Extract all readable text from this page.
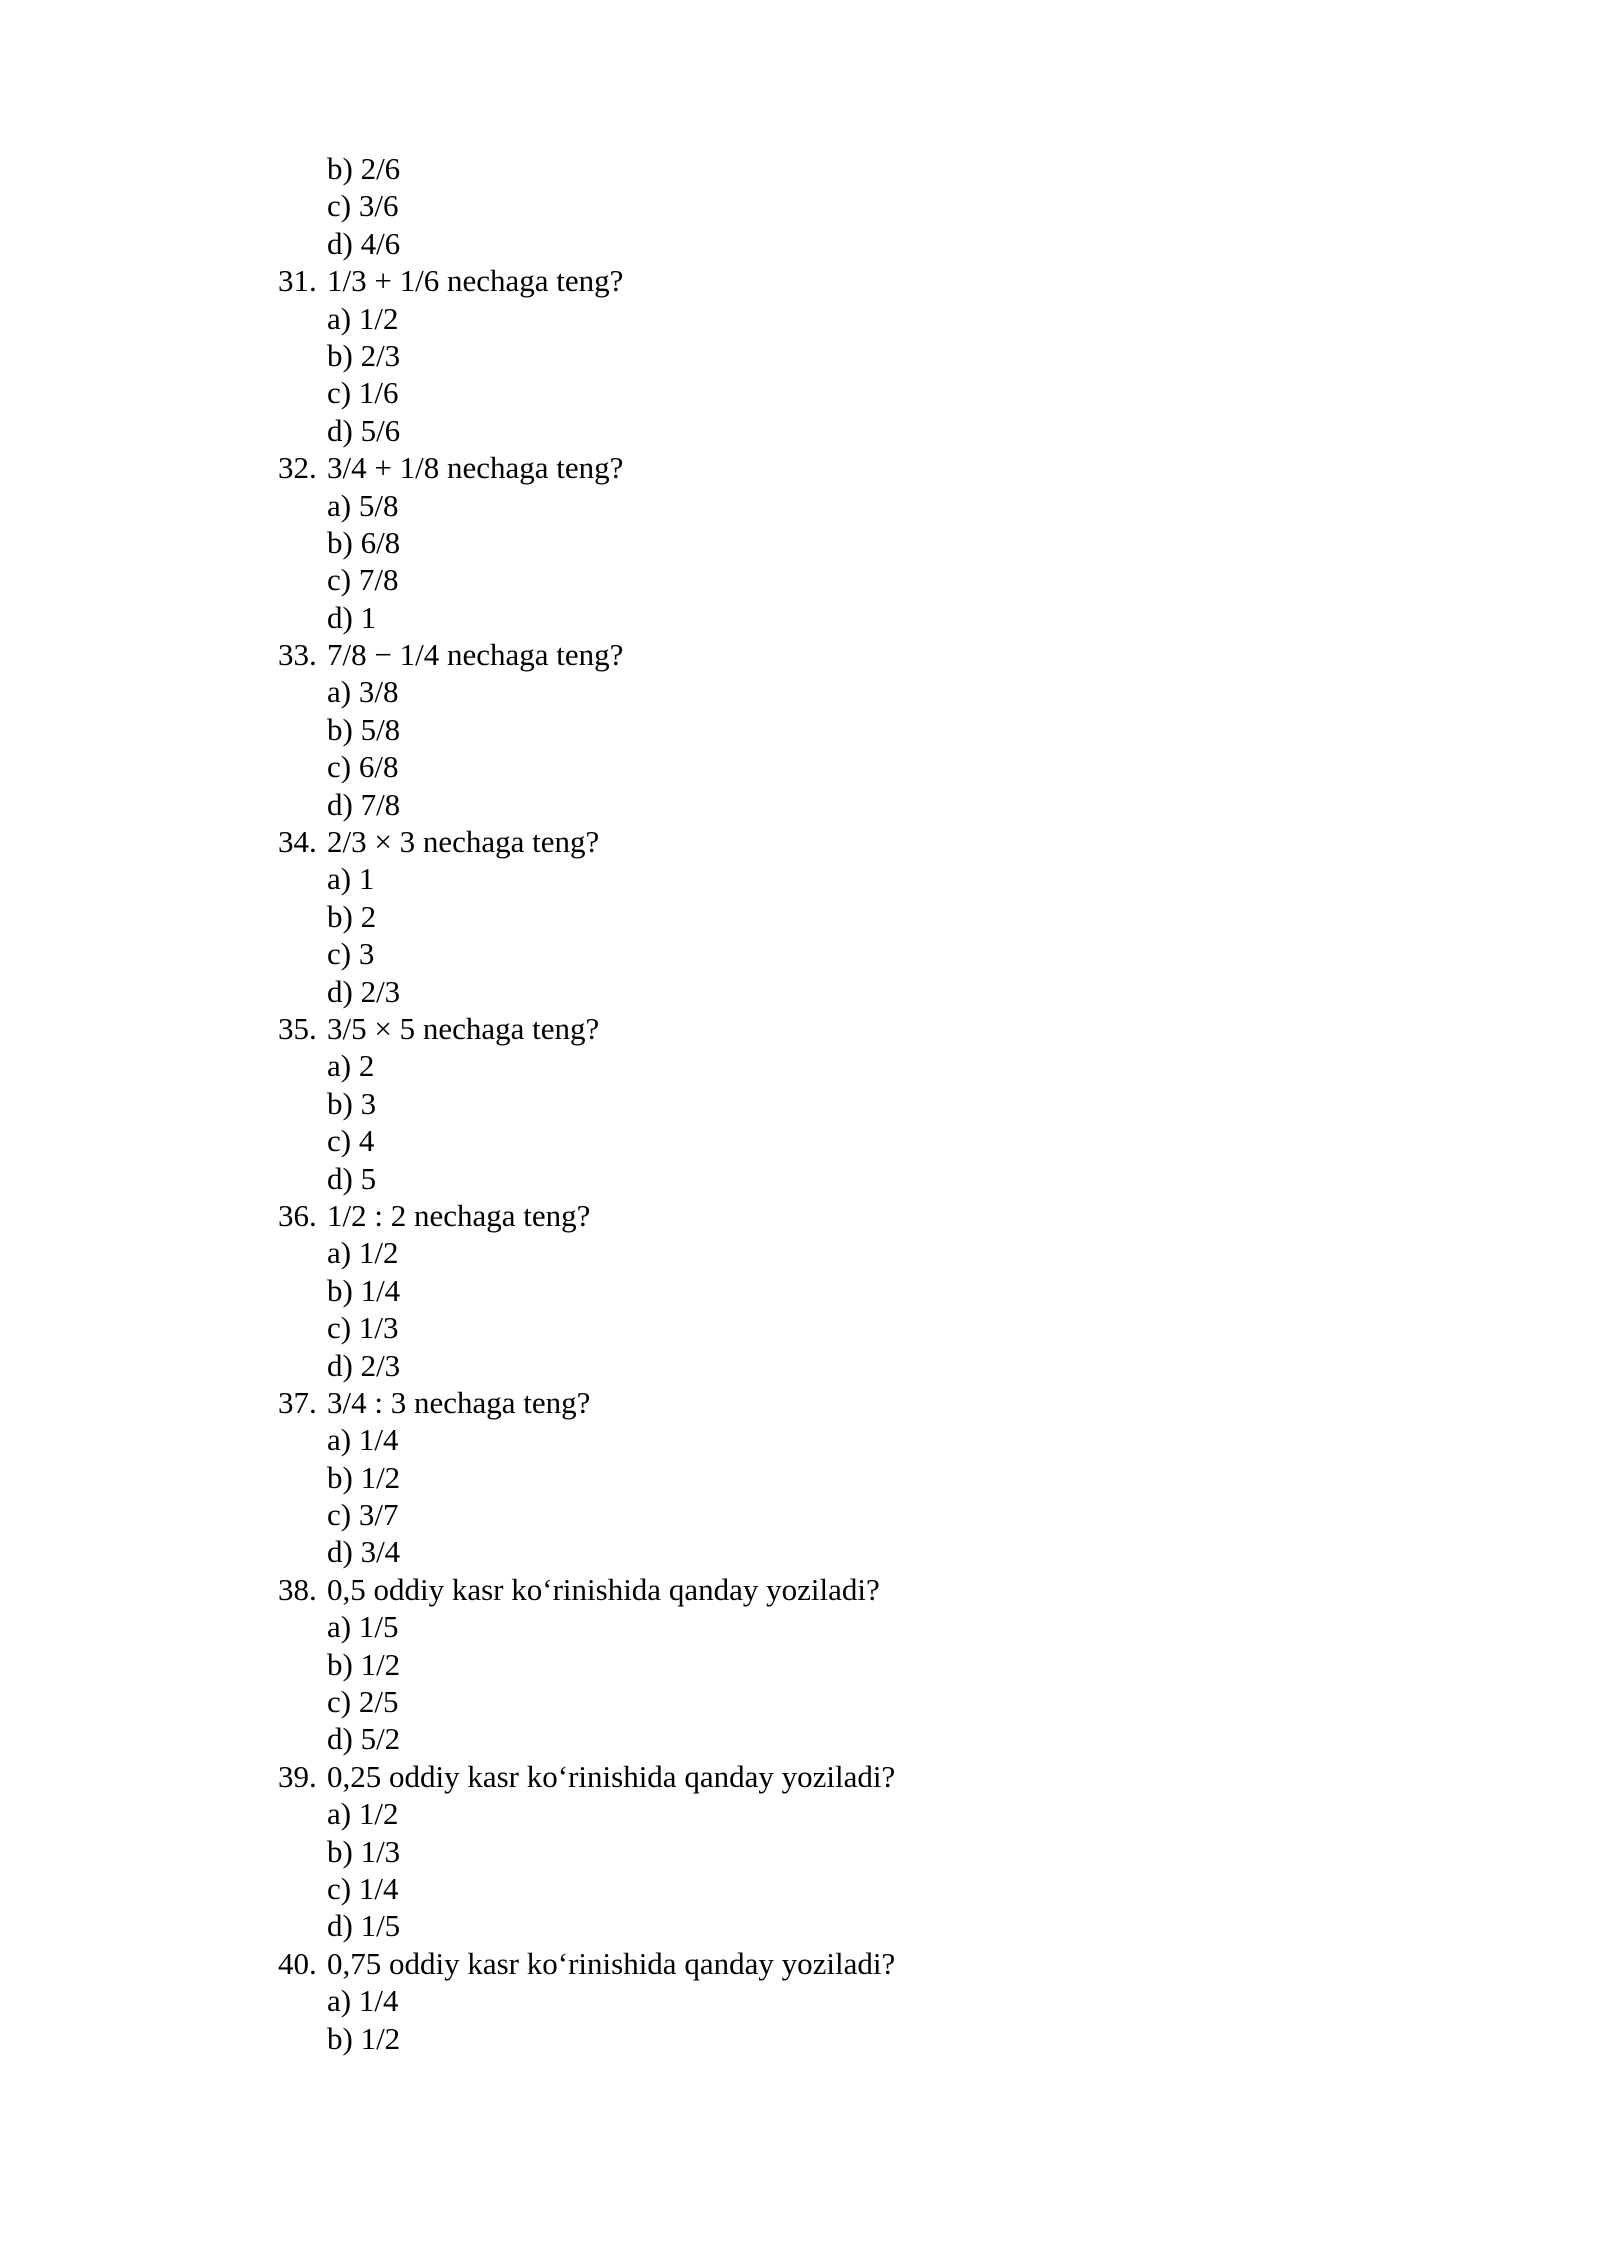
b) 2/6
c) 3/6
d) 4/6
31. 1/3 + 1/6 nechaga teng?
a) 1/2
b) 2/3
c) 1/6
d) 5/6
32. 3/4 + 1/8 nechaga teng?
a) 5/8
b) 6/8
c) 7/8
d) 1
33. 7/8 − 1/4 nechaga teng?
a) 3/8
b) 5/8
c) 6/8
d) 7/8
34. 2/3 × 3 nechaga teng?
a) 1
b) 2
c) 3
d) 2/3
35. 3/5 × 5 nechaga teng?
a) 2
b) 3
c) 4
d) 5
36. 1/2 : 2 nechaga teng?
a) 1/2
b) 1/4
c) 1/3
d) 2/3
37. 3/4 : 3 nechaga teng?
a) 1/4
b) 1/2
c) 3/7
d) 3/4
38. 0,5 oddiy kasr koʻrinishida qanday yoziladi?
a) 1/5
b) 1/2
c) 2/5
d) 5/2
39. 0,25 oddiy kasr koʻrinishida qanday yoziladi?
a) 1/2
b) 1/3
c) 1/4
d) 1/5
40. 0,75 oddiy kasr koʻrinishida qanday yoziladi?
a) 1/4
b) 1/2
